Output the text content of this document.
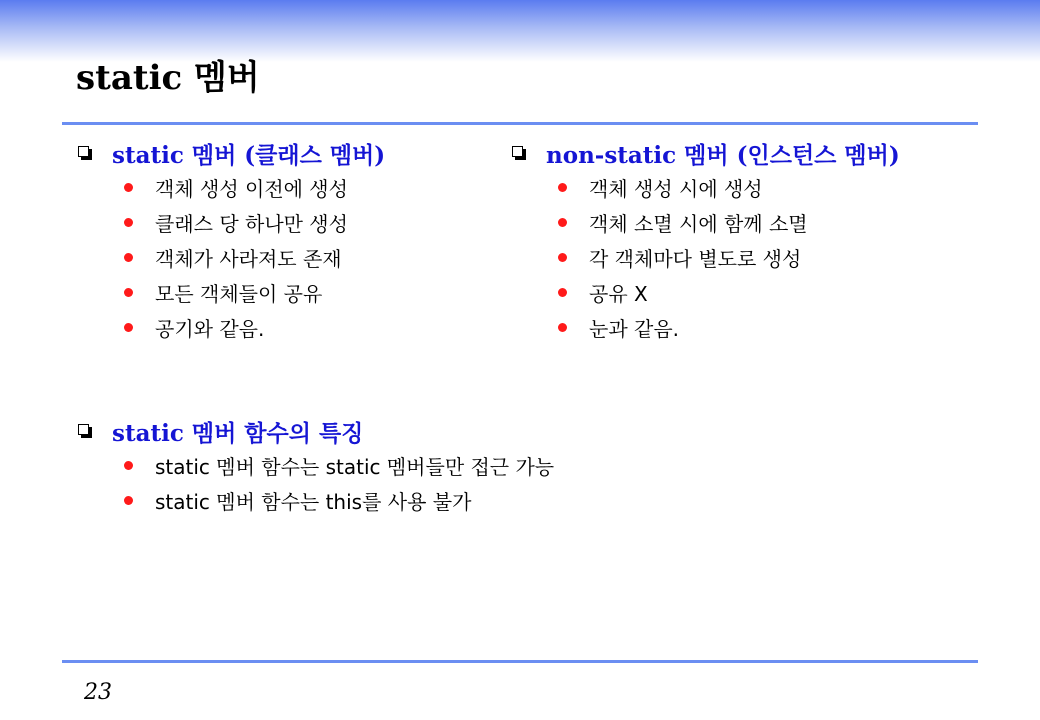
static 멤버
static 멤버 (클래스 멤버)
객체 생성 이전에 생성
클래스 당 하나만 생성
객체가 사라져도 존재
모든 객체들이 공유
공기와 같음.
non-static 멤버 (인스턴스 멤버)
객체 생성 시에 생성
객체 소멸 시에 함께 소멸
각 객체마다 별도로 생성
공유 X
눈과 같음.
static 멤버 함수의 특징
static 멤버 함수는 static 멤버들만 접근 가능
static 멤버 함수는 this를 사용 불가
23
